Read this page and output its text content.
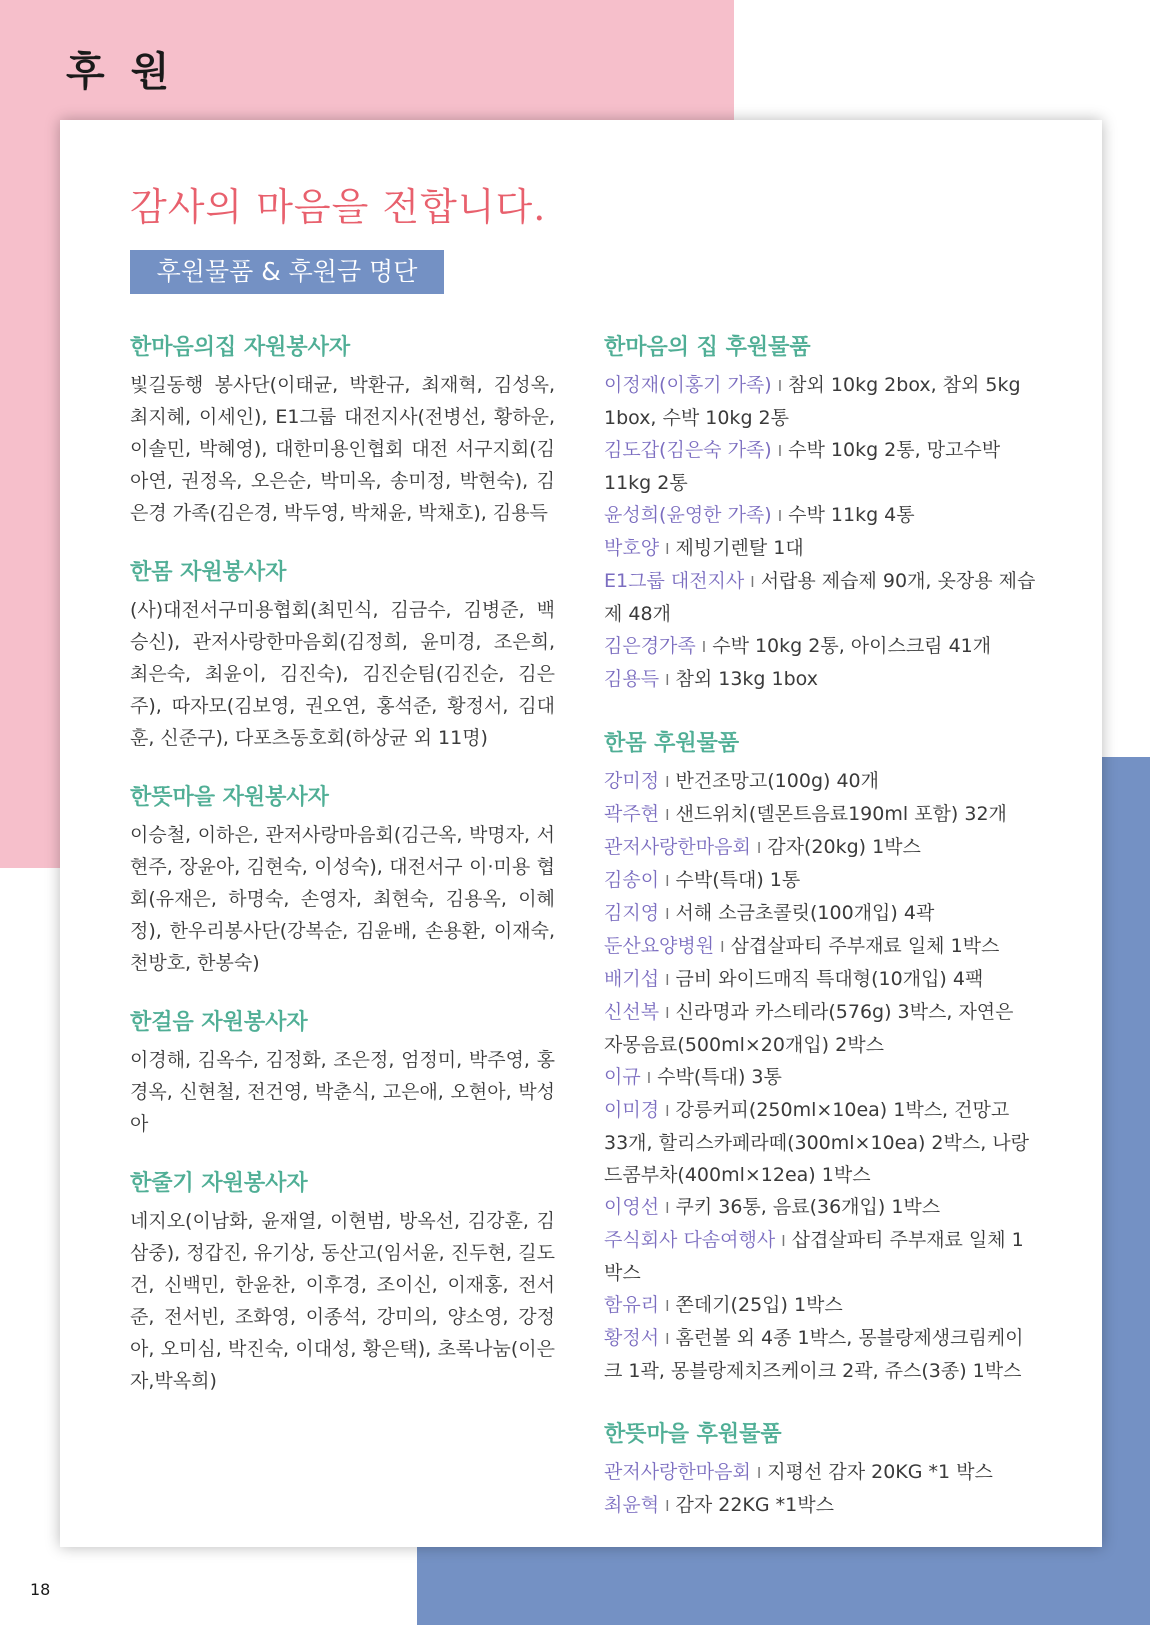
후 원
감사의 마음을 전합니다.
후원물품 & 후원금 명단
한마음의집 자원봉사자

빛길동행 봉사단(이태균, 박환규, 최재혁, 김성옥, 최지혜, 이세인), E1그룹 대전지사(전병선, 황하운, 이솔민, 박혜영), 대한미용인협회 대전 서구지회(김아연, 권정옥, 오은순, 박미옥, 송미정, 박현숙), 김은경 가족(김은경, 박두영, 박채윤, 박채호), 김용득

한몸 자원봉사자

(사)대전서구미용협회(최민식, 김금수, 김병준, 백승신), 관저사랑한마음회(김정희, 윤미경, 조은희, 최은숙, 최윤이, 김진숙), 김진순팀(김진순, 김은주), 따자모(김보영, 권오연, 홍석준, 황정서, 김대훈, 신준구), 다포츠동호회(하상균 외 11명)

한뜻마을 자원봉사자

이승철, 이하은, 관저사랑마음회(김근옥, 박명자, 서현주, 장윤아, 김현숙, 이성숙), 대전서구 이·미용 협회(유재은, 하명숙, 손영자, 최현숙, 김용옥, 이혜정), 한우리봉사단(강복순, 김윤배, 손용환, 이재숙, 천방호, 한봉숙)

한걸음 자원봉사자

이경해, 김옥수, 김정화, 조은정, 엄정미, 박주영, 홍경옥, 신현철, 전건영, 박춘식, 고은애, 오현아, 박성아

한줄기 자원봉사자

네지오(이남화, 윤재열, 이현범, 방옥선, 김강훈, 김삼중), 정갑진, 유기상, 동산고(임서윤, 진두현, 길도건, 신백민, 한윤찬, 이후경, 조이신, 이재홍, 전서준, 전서빈, 조화영, 이종석, 강미의, 양소영, 강정아, 오미심, 박진숙, 이대성, 황은택), 초록나눔(이은자,박옥희)

한마음의 집 후원물품
이정재(이홍기 가족) I 참외 10kg 2box, 참외 5kg 1box, 수박 10kg 2통
김도갑(김은숙 가족) I 수박 10kg 2통, 망고수박 11kg 2통
윤성희(윤영한 가족) I 수박 11kg 4통
박호양 I 제빙기렌탈 1대
E1그룹 대전지사 I 서랍용 제습제 90개, 옷장용 제습제 48개
김은경가족 I 수박 10kg 2통, 아이스크림 41개
김용득 I 참외 13kg 1box
한몸 후원물품
강미정 I 반건조망고(100g) 40개
곽주현 I 샌드위치(델몬트음료190ml 포함) 32개
관저사랑한마음회 I 감자(20kg) 1박스
김송이 I 수박(특대) 1통
김지영 I 서해 소금초콜릿(100개입) 4곽
둔산요양병원 I 삼겹살파티 주부재료 일체 1박스
배기섭 I 금비 와이드매직 특대형(10개입) 4팩
신선복 I 신라명과 카스테라(576g) 3박스, 자연은 자몽음료(500ml×20개입) 2박스
이규 I 수박(특대) 3통
이미경 I 강릉커피(250ml×10ea) 1박스, 건망고 33개, 할리스카페라떼(300ml×10ea) 2박스, 나랑드콤부차(400ml×12ea) 1박스
이영선 I 쿠키 36통, 음료(36개입) 1박스
주식회사 다솜여행사 I 삽겹살파티 주부재료 일체 1박스
함유리 I 쫀데기(25입) 1박스
황정서 I 홈런볼 외 4종 1박스, 몽블랑제생크림케이크 1곽, 몽블랑제치즈케이크 2곽, 쥬스(3종) 1박스
한뜻마을 후원물품
관저사랑한마음회 I 지평선 감자 20KG *1 박스
최윤혁 I 감자 22KG *1박스
18
